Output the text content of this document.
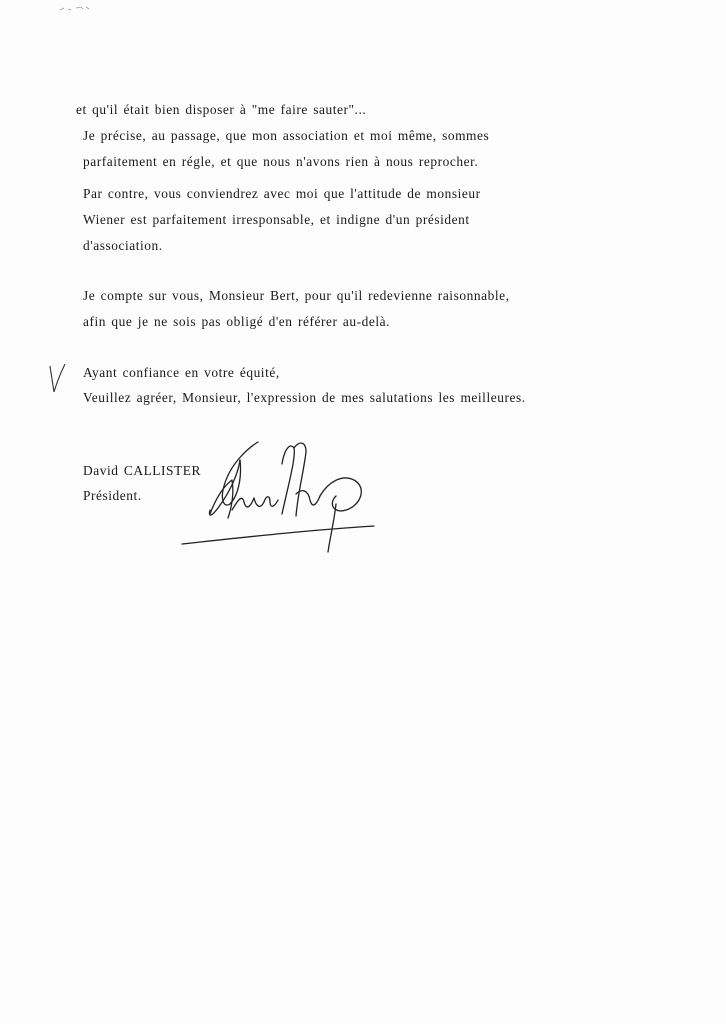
et qu'il était bien disposer à "me faire sauter"...
Je précise, au passage, que mon association et moi même, sommes
parfaitement en régle, et que nous n'avons rien à nous reprocher.
Par contre, vous conviendrez avec moi que l'attitude de monsieur
Wiener est parfaitement irresponsable, et indigne d'un président
d'association.
Je compte sur vous, Monsieur Bert, pour qu'il redevienne raisonnable,
afin que je ne sois pas obligé d'en référer au-delà.
Ayant confiance en votre équité,
Veuillez agréer, Monsieur, l'expression de mes salutations les meilleures.
David CALLISTER
Président.
